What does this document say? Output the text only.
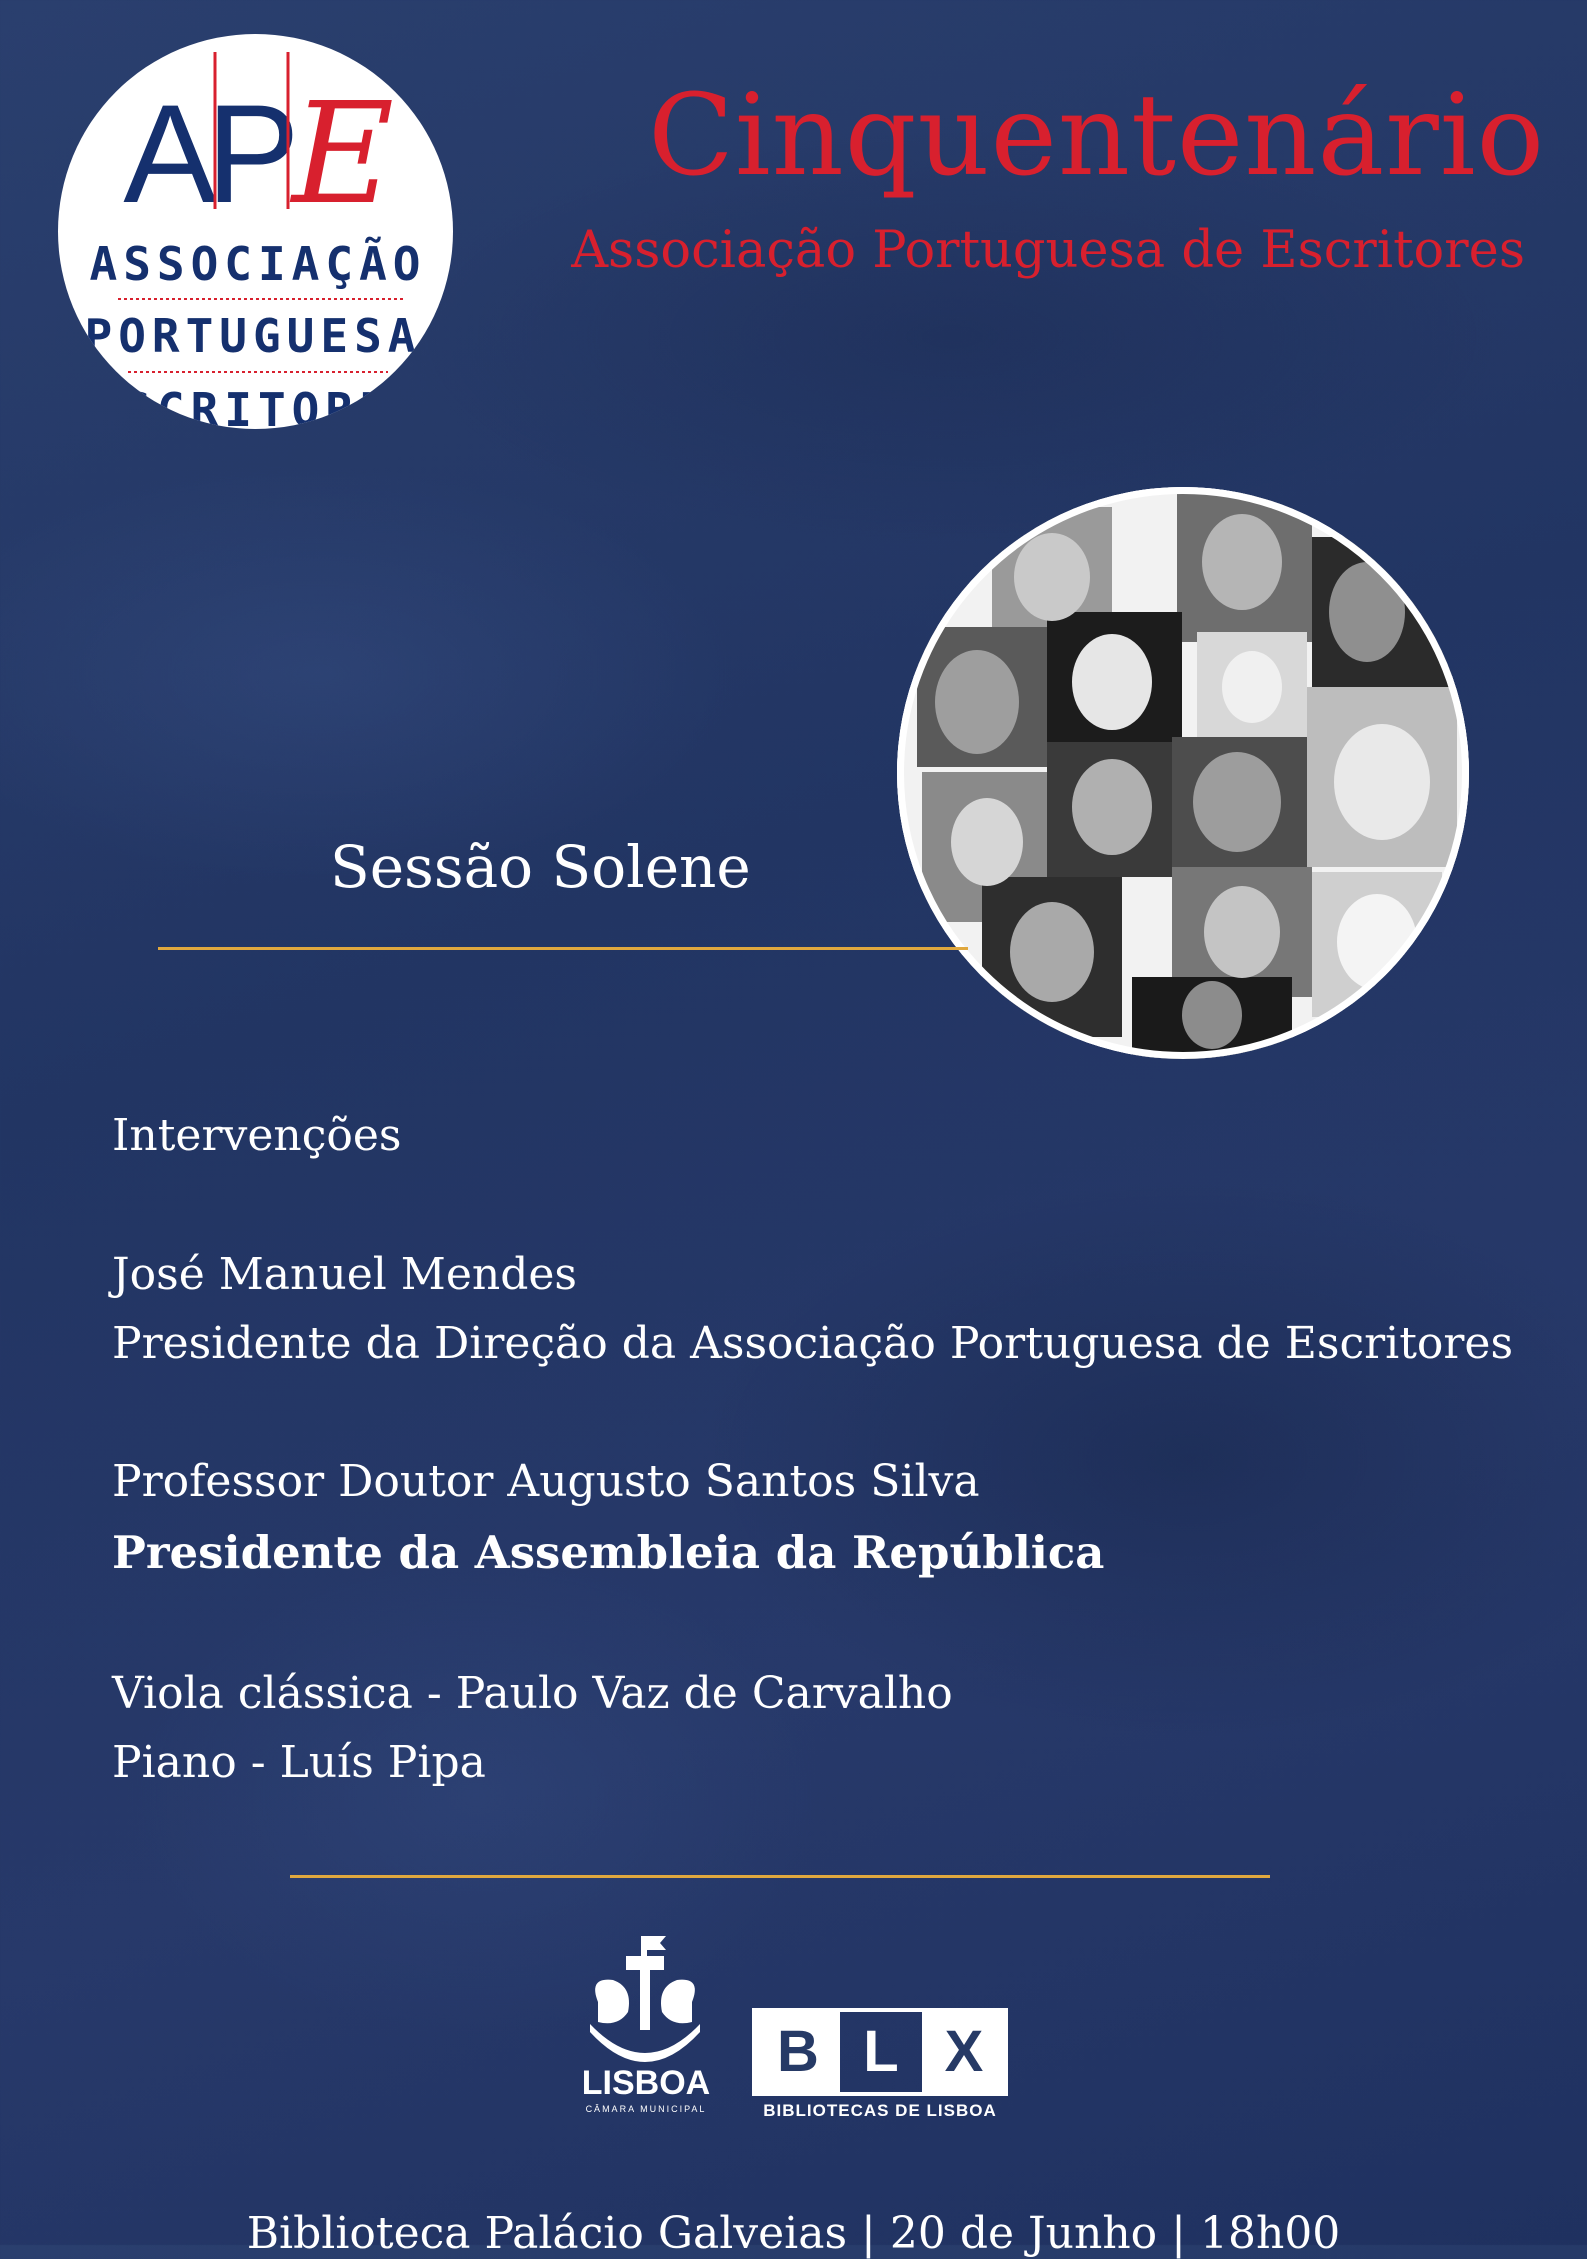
A
P
E
ASSOCIAÇÃO
PORTUGUESA
ESCRITORES
Cinquentenário
Associação Portuguesa de Escritores
Sessão Solene
Intervenções
José Manuel Mendes
Presidente da Direção da Associação Portuguesa de Escritores
Professor Doutor Augusto Santos Silva
Presidente da Assembleia da República
Viola clássica - Paulo Vaz de Carvalho
Piano - Luís Pipa
LISBOA
CÂMARA MUNICIPAL
B L X
BIBLIOTECAS DE LISBOA
Biblioteca Palácio Galveias | 20 de Junho | 18h00
